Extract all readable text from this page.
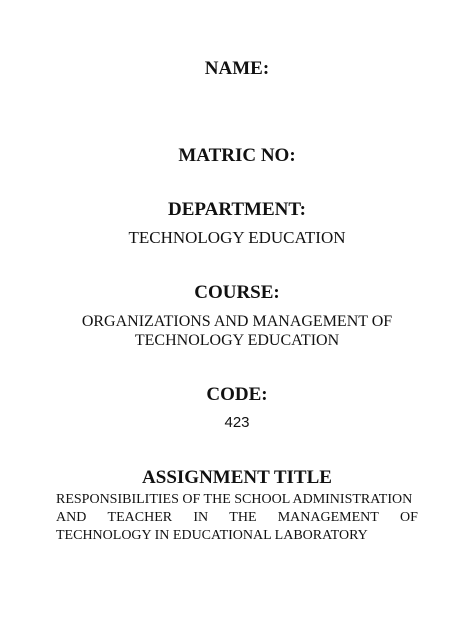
NAME:

MATRIC NO:

DEPARTMENT:

TECHNOLOGY EDUCATION

COURSE:

ORGANIZATIONS AND MANAGEMENT OF

TECHNOLOGY EDUCATION

CODE:

423

ASSIGNMENT TITLE

RESPONSIBILITIES OF THE SCHOOL ADMINISTRATION
AND TEACHER IN THE MANAGEMENT OF
TECHNOLOGY IN EDUCATIONAL LABORATORY
